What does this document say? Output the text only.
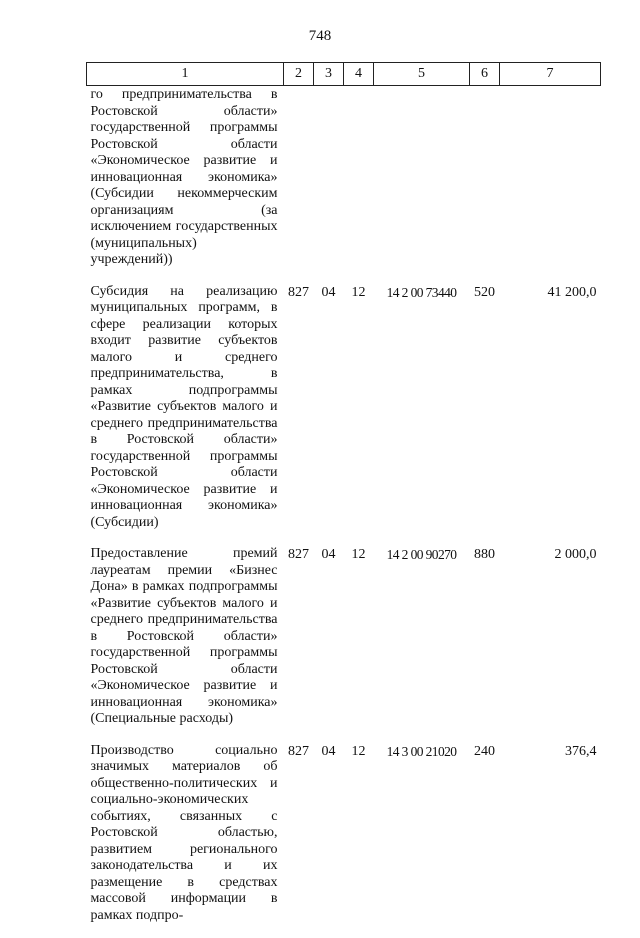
748
1	2	3	4	5	6	7
го предпринимательства в Ростовской области» государственной программы Ростовской области «Экономическое развитие и инновационная экономика» (Субсидии некоммерческим организациям (за исключением государственных (муниципальных) учреждений))						
Субсидия на реализацию муниципальных программ, в сфере реализации которых входит развитие субъектов малого и среднего предпринимательства, в рамках подпрограммы «Развитие субъектов малого и среднего предпринимательства в Ростовской области» государственной программы Ростовской области «Экономическое развитие и инновационная экономика» (Субсидии)	827	04	12	14 2 00 73440	520	41 200,0
Предоставление премий лауреатам премии «Бизнес Дона» в рамках подпрограммы «Развитие субъектов малого и среднего предпринимательства в Ростовской области» государственной программы Ростовской области «Экономическое развитие и инновационная экономика» (Специальные расходы)	827	04	12	14 2 00 90270	880	2 000,0
Производство социально значимых материалов об общественно-политических и социально-экономических событиях, связанных с Ростовской областью, развитием регионального законодательства и их размещение в средствах массовой информации в рамках подпро-	827	04	12	14 3 00 21020	240	376,4
